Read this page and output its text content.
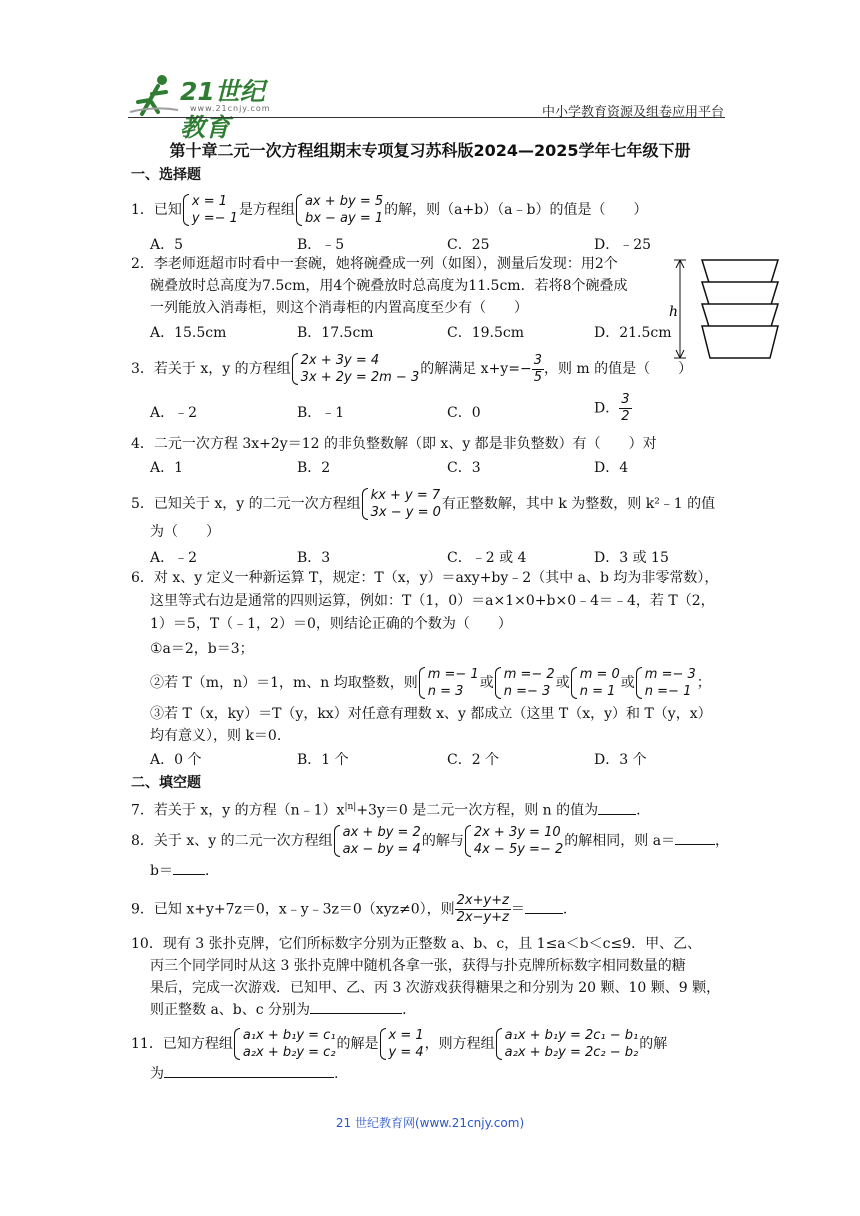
21世纪教育
www.21cnjy.com	中小学教育资源及组卷应用平台
第十章二元一次方程组期末专项复习苏科版2024—2025学年七年级下册
一、选择题
1．已知
x = 1
y =− 1
是方程组
ax + by = 5
bx − ay = 1
的解，则（a+b）（a﹣b）的值是（　　）
A．5	B．﹣5	C．25	D．﹣25
2．李老师逛超市时看中一套碗，她将碗叠成一列（如图），测量后发现：用2个
碗叠放时总高度为7.5cm，用4个碗叠放时总高度为11.5cm．若将8个碗叠成
一列能放入消毒柜，则这个消毒柜的内置高度至少有（　　）
A．15.5cm	B．17.5cm	C．19.5cm	D．21.5cm
h
3．若关于 x，y 的方程组
2x + 3y = 4
3x + 2y = 2m − 3
的解满足 $x+y=- \frac{3}{5}$ ，则 m 的值是（　　）
A．﹣2	B．﹣1	C．0	D． $\frac{3}{2}$
4．二元一次方程 3x+2y＝12 的非负整数解（即 x、y 都是非负整数）有（　　）对
A．1	B．2	C．3	D．4
5．已知关于 x，y 的二元一次方程组
kx + y = 7
3x − y = 0
有正整数解，其中 k 为整数，则 k²﹣1 的值
为（　　）
A．﹣2	B．3	C．﹣2 或 4	D．3 或 15
6．对 x、y 定义一种新运算 T，规定：T（x，y）＝axy+by﹣2（其中 a、b 均为非零常数），
这里等式右边是通常的四则运算，例如：T（1，0）＝a×1×0+b×0﹣4＝﹣4，若 T（2，
1）＝5，T（﹣1，2）＝0，则结论正确的个数为（　　）
①a＝2，b＝3；
②若 T（m，n）＝1，m、n 均取整数，则
m =− 1
n = 3
或
m =− 2
n =− 3
或
m = 0
n = 1
或
m =− 3
n =− 1
；
③若 T（x，ky）＝T（y，kx）对任意有理数 x、y 都成立（这里 T（x，y）和 T（y，x）
均有意义），则 k＝0.
A．0 个	B．1 个	C．2 个	D．3 个
二、填空题
7．若关于 x，y 的方程$(n﹣1)x^{|n|}+3y=0$ 是二元一次方程，则 n 的值为	.
8．关于 x、y 的二元一次方程组
ax + by = 2
ax − by = 4
的解与
2x + 3y = 10
4x − 5y =− 2
的解相同，则 a＝	，
b＝ ．
9．已知 x+y+7z＝0，x﹣y﹣3z＝0（xyz≠0），则 $\frac{2x+y+z}{2x-y+z}$ ＝	.
10．现有 3 张扑克牌，它们所标数字分别为正整数 a、b、c，且 1≤a＜b＜c≤9．甲、乙、
丙三个同学同时从这 3 张扑克牌中随机各拿一张，获得与扑克牌所标数字相同数量的糖
果后，完成一次游戏．已知甲、乙、丙 3 次游戏获得糖果之和分别为 20 颗、10 颗、9 颗，
则正整数 a、b、c 分别为	．
11．已知方程组
a₁x + b₁y = c₁
a₂x + b₂y = c₂
的解是
x = 1
y = 4
，则方程组
a₁x + b₁y = 2c₁ − b₁
a₂x + b₂y = 2c₂ − b₂
的解
为	.
21 世纪教育网(www.21cnjy.com)
